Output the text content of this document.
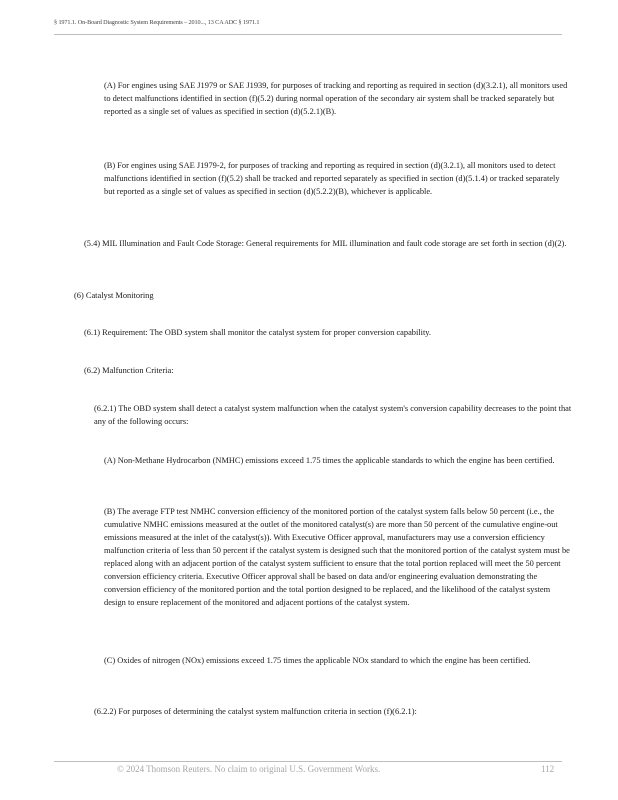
§ 1971.1. On-Board Diagnostic System Requirements – 2010..., 13 CA ADC § 1971.1

(A) For engines using SAE J1979 or SAE J1939, for purposes of tracking and reporting as required in section (d)(3.2.1), all monitors used to detect malfunctions identified in section (f)(5.2) during normal operation of the secondary air system shall be tracked separately but reported as a single set of values as specified in section (d)(5.2.1)(B).

(B) For engines using SAE J1979-2, for purposes of tracking and reporting as required in section (d)(3.2.1), all monitors used to detect malfunctions identified in section (f)(5.2) shall be tracked and reported separately as specified in section (d)(5.1.4) or tracked separately but reported as a single set of values as specified in section (d)(5.2.2)(B), whichever is applicable.

(5.4) MIL Illumination and Fault Code Storage: General requirements for MIL illumination and fault code storage are set forth in section (d)(2).

(6) Catalyst Monitoring

(6.1) Requirement: The OBD system shall monitor the catalyst system for proper conversion capability.

(6.2) Malfunction Criteria:

(6.2.1) The OBD system shall detect a catalyst system malfunction when the catalyst system's conversion capability decreases to the point that any of the following occurs:

(A) Non-Methane Hydrocarbon (NMHC) emissions exceed 1.75 times the applicable standards to which the engine has been certified.

(B) The average FTP test NMHC conversion efficiency of the monitored portion of the catalyst system falls below 50 percent (i.e., the cumulative NMHC emissions measured at the outlet of the monitored catalyst(s) are more than 50 percent of the cumulative engine-out emissions measured at the inlet of the catalyst(s)). With Executive Officer approval, manufacturers may use a conversion efficiency malfunction criteria of less than 50 percent if the catalyst system is designed such that the monitored portion of the catalyst system must be replaced along with an adjacent portion of the catalyst system sufficient to ensure that the total portion replaced will meet the 50 percent conversion efficiency criteria. Executive Officer approval shall be based on data and/or engineering evaluation demonstrating the conversion efficiency of the monitored portion and the total portion designed to be replaced, and the likelihood of the catalyst system design to ensure replacement of the monitored and adjacent portions of the catalyst system.

(C) Oxides of nitrogen (NOx) emissions exceed 1.75 times the applicable NOx standard to which the engine has been certified.

(6.2.2) For purposes of determining the catalyst system malfunction criteria in section (f)(6.2.1):

© 2024 Thomson Reuters. No claim to original U.S. Government Works.	112
